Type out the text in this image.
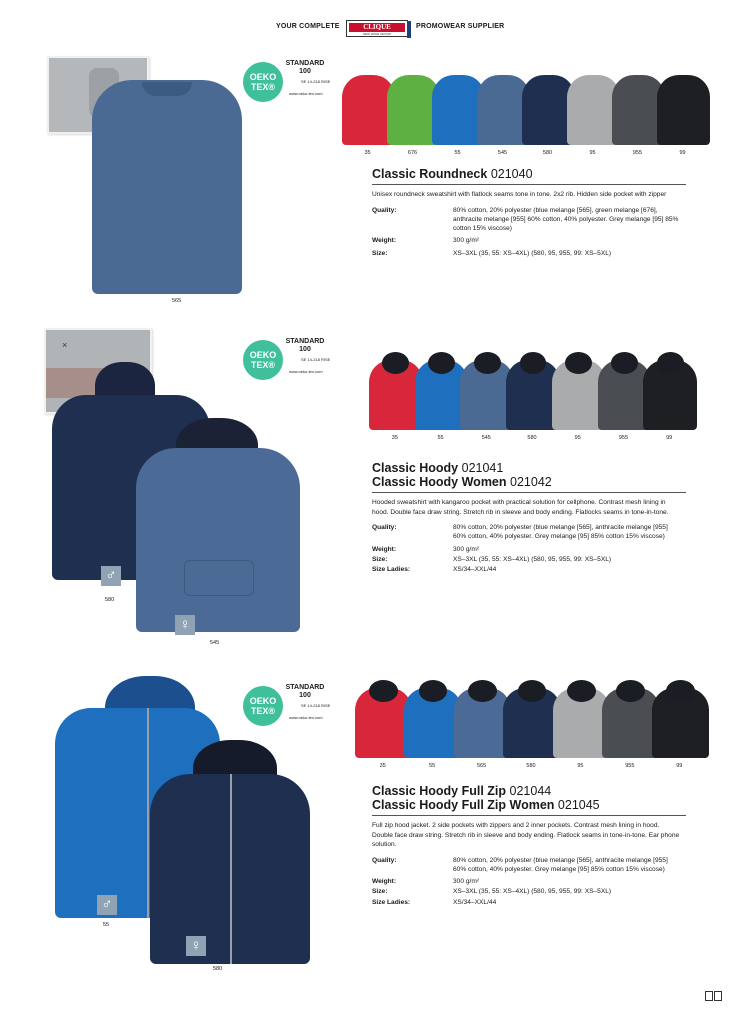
YOUR COMPLETE	CLIQUE
NEW WAVE GROUP
PROMOWEAR SUPPLIER
565
OEKO TEX®
STANDARD 100
SE 14-218 RISE
www.oeko-tex.com
35	676	55	545	580	95	955	99
Classic Roundneck 021040
Unisex roundneck sweatshirt with flatlock seams tone in tone. 2x2 rib. Hidden side pocket with zipper
Quality:	80% cotton, 20% polyester (blue melange [565], green melange [676], anthracite melange [955] 60% cotton, 40% polyester. Grey melange [95] 85% cotton 15% viscose)
Weight:	300 g/m²
Size:	XS–3XL (35, 55: XS–4XL) (580, 95, 955, 99: XS–5XL)
×
♂
♀
580
545
OEKO TEX®
STANDARD 100
SE 14-218 RISE
www.oeko-tex.com
35	55	545	580	95	955	99
Classic Hoody 021041
Classic Hoody Women 021042
Hooded sweatshirt with kangaroo pocket with practical solution for cellphone. Contrast mesh lining in hood. Double face draw string. Stretch rib in sleeve and body ending. Flatlocks seams in tone-in-tone.
Quality:	80% cotton, 20% polyester (blue melange [565], anthracite melange [955] 60% cotton, 40% polyester. Grey melange [95] 85% cotton 15% viscose)
Weight:	300 g/m²
Size:	XS–3XL (35, 55: XS–4XL) (580, 95, 955, 99: XS–5XL)
Size Ladies:	XS/34–XXL/44
♂
♀
55
580
OEKO TEX®
STANDARD 100
SE 14-218 RISE
www.oeko-tex.com
35	55	565	580	95	955	99
Classic Hoody Full Zip 021044
Classic Hoody Full Zip Women 021045
Full zip hood jacket. 2 side pockets with zippers and 2 inner pockets. Contrast mesh lining in hood. Double face draw string. Stretch rib in sleeve and body ending. Flatlock seams in tone-in-tone. Ear phone solution.
Quality:	80% cotton, 20% polyester (blue melange [565], anthracite melange [955] 60% cotton, 40% polyester. Grey melange [95] 85% cotton 15% viscose)
Weight:	300 g/m²
Size:	XS–3XL (35, 55: XS–4XL) (580, 95, 955, 99: XS–5XL)
Size Ladies:	XS/34–XXL/44
